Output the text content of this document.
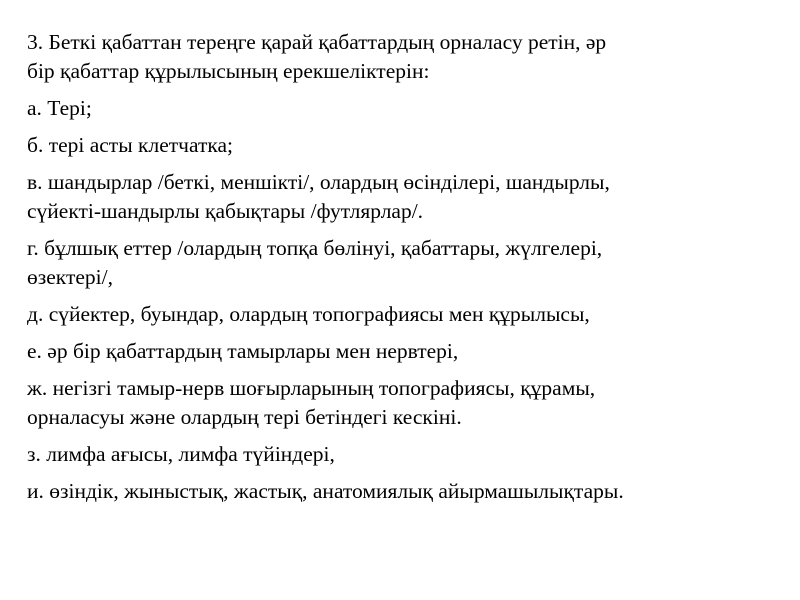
3. Беткі қабаттан тереңге қарай қабаттардың орналасу ретін, әр
бір қабаттар құрылысының ерекшеліктерін:
а. Тері;
б. тері асты клетчатка;
в. шандырлар /беткі, меншікті/, олардың өсінділері, шандырлы,
сүйекті-шандырлы қабықтары /футлярлар/.
г. бұлшық еттер /олардың топқа бөлінуі, қабаттары, жүлгелері,
өзектері/,
д. сүйектер, буындар, олардың топографиясы мен құрылысы,
е. әр бір қабаттардың тамырлары мен нервтері,
ж. негізгі тамыр-нерв шоғырларының топографиясы, құрамы,
орналасуы және олардың тері бетіндегі кескіні.
з. лимфа ағысы, лимфа түйіндері,
и. өзіндік, жыныстық, жастық, анатомиялық айырмашылықтары.
